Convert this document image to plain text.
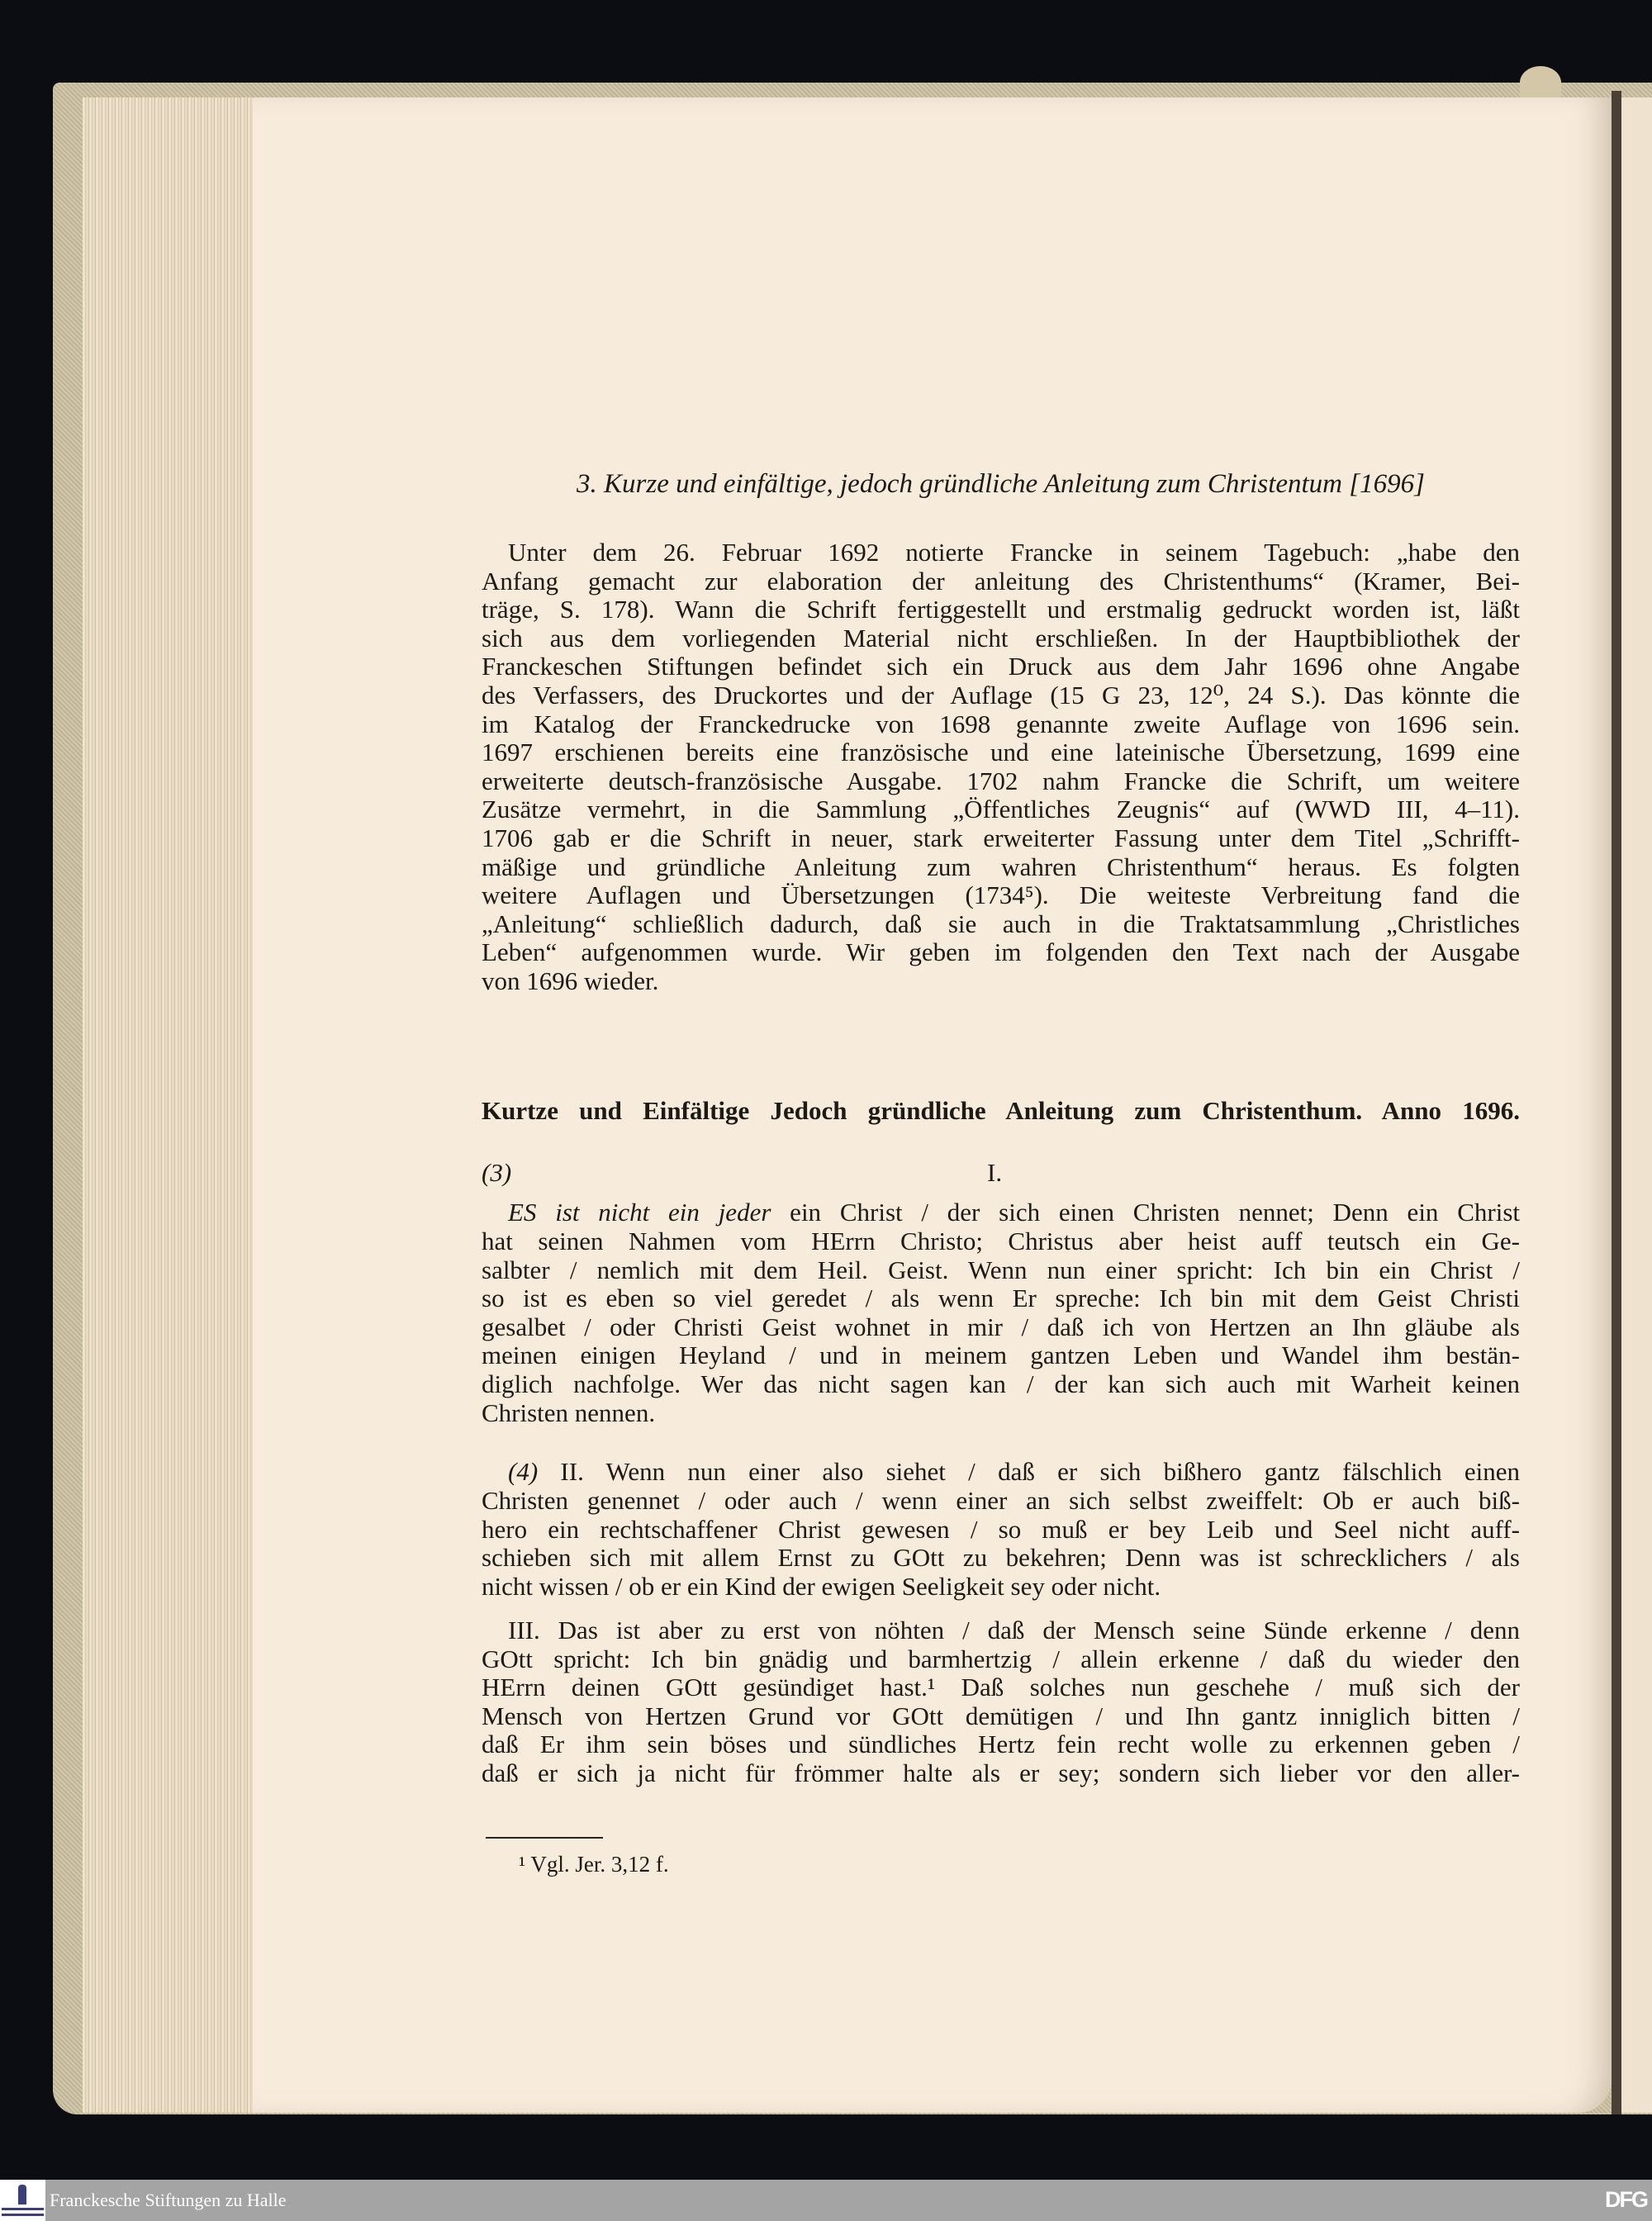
3. Kurze und einfältige, jedoch gründliche Anleitung zum Christentum [1696]
Unter dem 26. Februar 1692 notierte Francke in seinem Tagebuch: „habe den
Anfang gemacht zur elaboration der anleitung des Christenthums“ (Kramer, Bei-
träge, S. 178). Wann die Schrift fertiggestellt und erstmalig gedruckt worden ist, läßt
sich aus dem vorliegenden Material nicht erschließen. In der Hauptbibliothek der
Franckeschen Stiftungen befindet sich ein Druck aus dem Jahr 1696 ohne Angabe
des Verfassers, des Druckortes und der Auflage (15 G 23, 12⁰, 24 S.). Das könnte die
im Katalog der Franckedrucke von 1698 genannte zweite Auflage von 1696 sein.
1697 erschienen bereits eine französische und eine lateinische Übersetzung, 1699 eine
erweiterte deutsch-französische Ausgabe. 1702 nahm Francke die Schrift, um weitere
Zusätze vermehrt, in die Sammlung „Öffentliches Zeugnis“ auf (WWD III, 4–11).
1706 gab er die Schrift in neuer, stark erweiterter Fassung unter dem Titel „Schrifft-
mäßige und gründliche Anleitung zum wahren Christenthum“ heraus. Es folgten
weitere Auflagen und Übersetzungen (1734⁵). Die weiteste Verbreitung fand die
„Anleitung“ schließlich dadurch, daß sie auch in die Traktatsammlung „Christliches
Leben“ aufgenommen wurde. Wir geben im folgenden den Text nach der Ausgabe
von 1696 wieder.
Kurtze und Einfältige Jedoch gründliche Anleitung zum Christenthum. Anno 1696.
(3)	I.
ES ist nicht ein jeder ein Christ / der sich einen Christen nennet; Denn ein Christ
hat seinen Nahmen vom HErrn Christo; Christus aber heist auff teutsch ein Ge-
salbter / nemlich mit dem Heil. Geist. Wenn nun einer spricht: Ich bin ein Christ /
so ist es eben so viel geredet / als wenn Er spreche: Ich bin mit dem Geist Christi
gesalbet / oder Christi Geist wohnet in mir / daß ich von Hertzen an Ihn gläube als
meinen einigen Heyland / und in meinem gantzen Leben und Wandel ihm bestän-
diglich nachfolge. Wer das nicht sagen kan / der kan sich auch mit Warheit keinen
Christen nennen.
(4) II. Wenn nun einer also siehet / daß er sich bißhero gantz fälschlich einen
Christen genennet / oder auch / wenn einer an sich selbst zweiffelt: Ob er auch biß-
hero ein rechtschaffener Christ gewesen / so muß er bey Leib und Seel nicht auff-
schieben sich mit allem Ernst zu GOtt zu bekehren; Denn was ist schrecklichers / als
nicht wissen / ob er ein Kind der ewigen Seeligkeit sey oder nicht.
III. Das ist aber zu erst von nöhten / daß der Mensch seine Sünde erkenne / denn
GOtt spricht: Ich bin gnädig und barmhertzig / allein erkenne / daß du wieder den
HErrn deinen GOtt gesündiget hast.¹ Daß solches nun geschehe / muß sich der
Mensch von Hertzen Grund vor GOtt demütigen / und Ihn gantz inniglich bitten /
daß Er ihm sein böses und sündliches Hertz fein recht wolle zu erkennen geben /
daß er sich ja nicht für frömmer halte als er sey; sondern sich lieber vor den aller-
¹ Vgl. Jer. 3,12 f.
Franckesche Stiftungen zu Halle	DFG
